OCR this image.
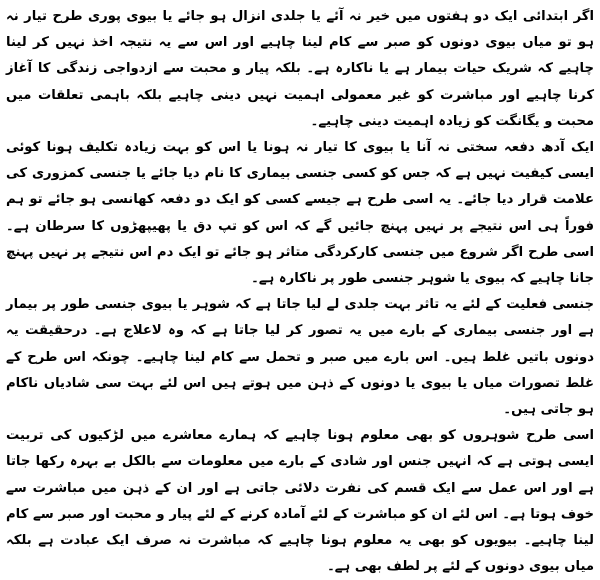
اگر ابتدائی ایک دو ہفتوں میں خیر نہ آئے یا جلدی انزال ہو جائے یا بیوی پوری طرح تیار نہ ہو تو میاں بیوی دونوں کو صبر سے کام لینا چاہیے اور اس سے یہ نتیجہ اخذ نہیں کر لینا چاہیے کہ شریک حیات بیمار ہے یا ناکارہ ہے۔ بلکہ پیار و محبت سے ازدواجی زندگی کا آغاز کرنا چاہیے اور مباشرت کو غیر معمولی اہمیت نہیں دینی چاہیے بلکہ باہمی تعلقات میں محبت و یگانگت کو زیادہ اہمیت دینی چاہیے۔

ایک آدھ دفعہ سختی نہ آنا یا بیوی کا تیار نہ ہونا یا اس کو بہت زیادہ تکلیف ہونا کوئی ایسی کیفیت نہیں ہے کہ جس کو کسی جنسی بیماری کا نام دیا جائے یا جنسی کمزوری کی علامت قرار دیا جائے۔ یہ اسی طرح ہے جیسے کسی کو ایک دو دفعہ کھانسی ہو جائے تو ہم فوراً ہی اس نتیجے پر نہیں پہنچ جائیں گے کہ اس کو تپ دق یا پھیپھڑوں کا سرطان ہے۔ اسی طرح اگر شروع میں جنسی کارکردگی متاثر ہو جائے تو ایک دم اس نتیجے پر نہیں پہنچ جانا چاہیے کہ بیوی یا شوہر جنسی طور پر ناکارہ ہے۔

جنسی فعلیت کے لئے یہ تاثر بہت جلدی لے لیا جاتا ہے کہ شوہر یا بیوی جنسی طور پر بیمار ہے اور جنسی بیماری کے بارے میں یہ تصور کر لیا جاتا ہے کہ وہ لاعلاج ہے۔ درحقیقت یہ دونوں باتیں غلط ہیں۔ اس بارے میں صبر و تحمل سے کام لینا چاہیے۔ چونکہ اس طرح کے غلط تصورات میاں یا بیوی یا دونوں کے ذہن میں ہوتے ہیں اس لئے بہت سی شادیاں ناکام ہو جاتی ہیں۔

اسی طرح شوہروں کو بھی معلوم ہونا چاہیے کہ ہمارے معاشرے میں لڑکیوں کی تربیت ایسی ہوتی ہے کہ انہیں جنس اور شادی کے بارے میں معلومات سے بالکل بے بہرہ رکھا جاتا ہے اور اس عمل سے ایک قسم کی نفرت دلائی جاتی ہے اور ان کے ذہن میں مباشرت سے خوف ہوتا ہے۔ اس لئے ان کو مباشرت کے لئے آمادہ کرنے کے لئے پیار و محبت اور صبر سے کام لینا چاہیے۔ بیویوں کو بھی یہ معلوم ہونا چاہیے کہ مباشرت نہ صرف ایک عبادت ہے بلکہ میاں بیوی دونوں کے لئے پر لطف بھی ہے۔
